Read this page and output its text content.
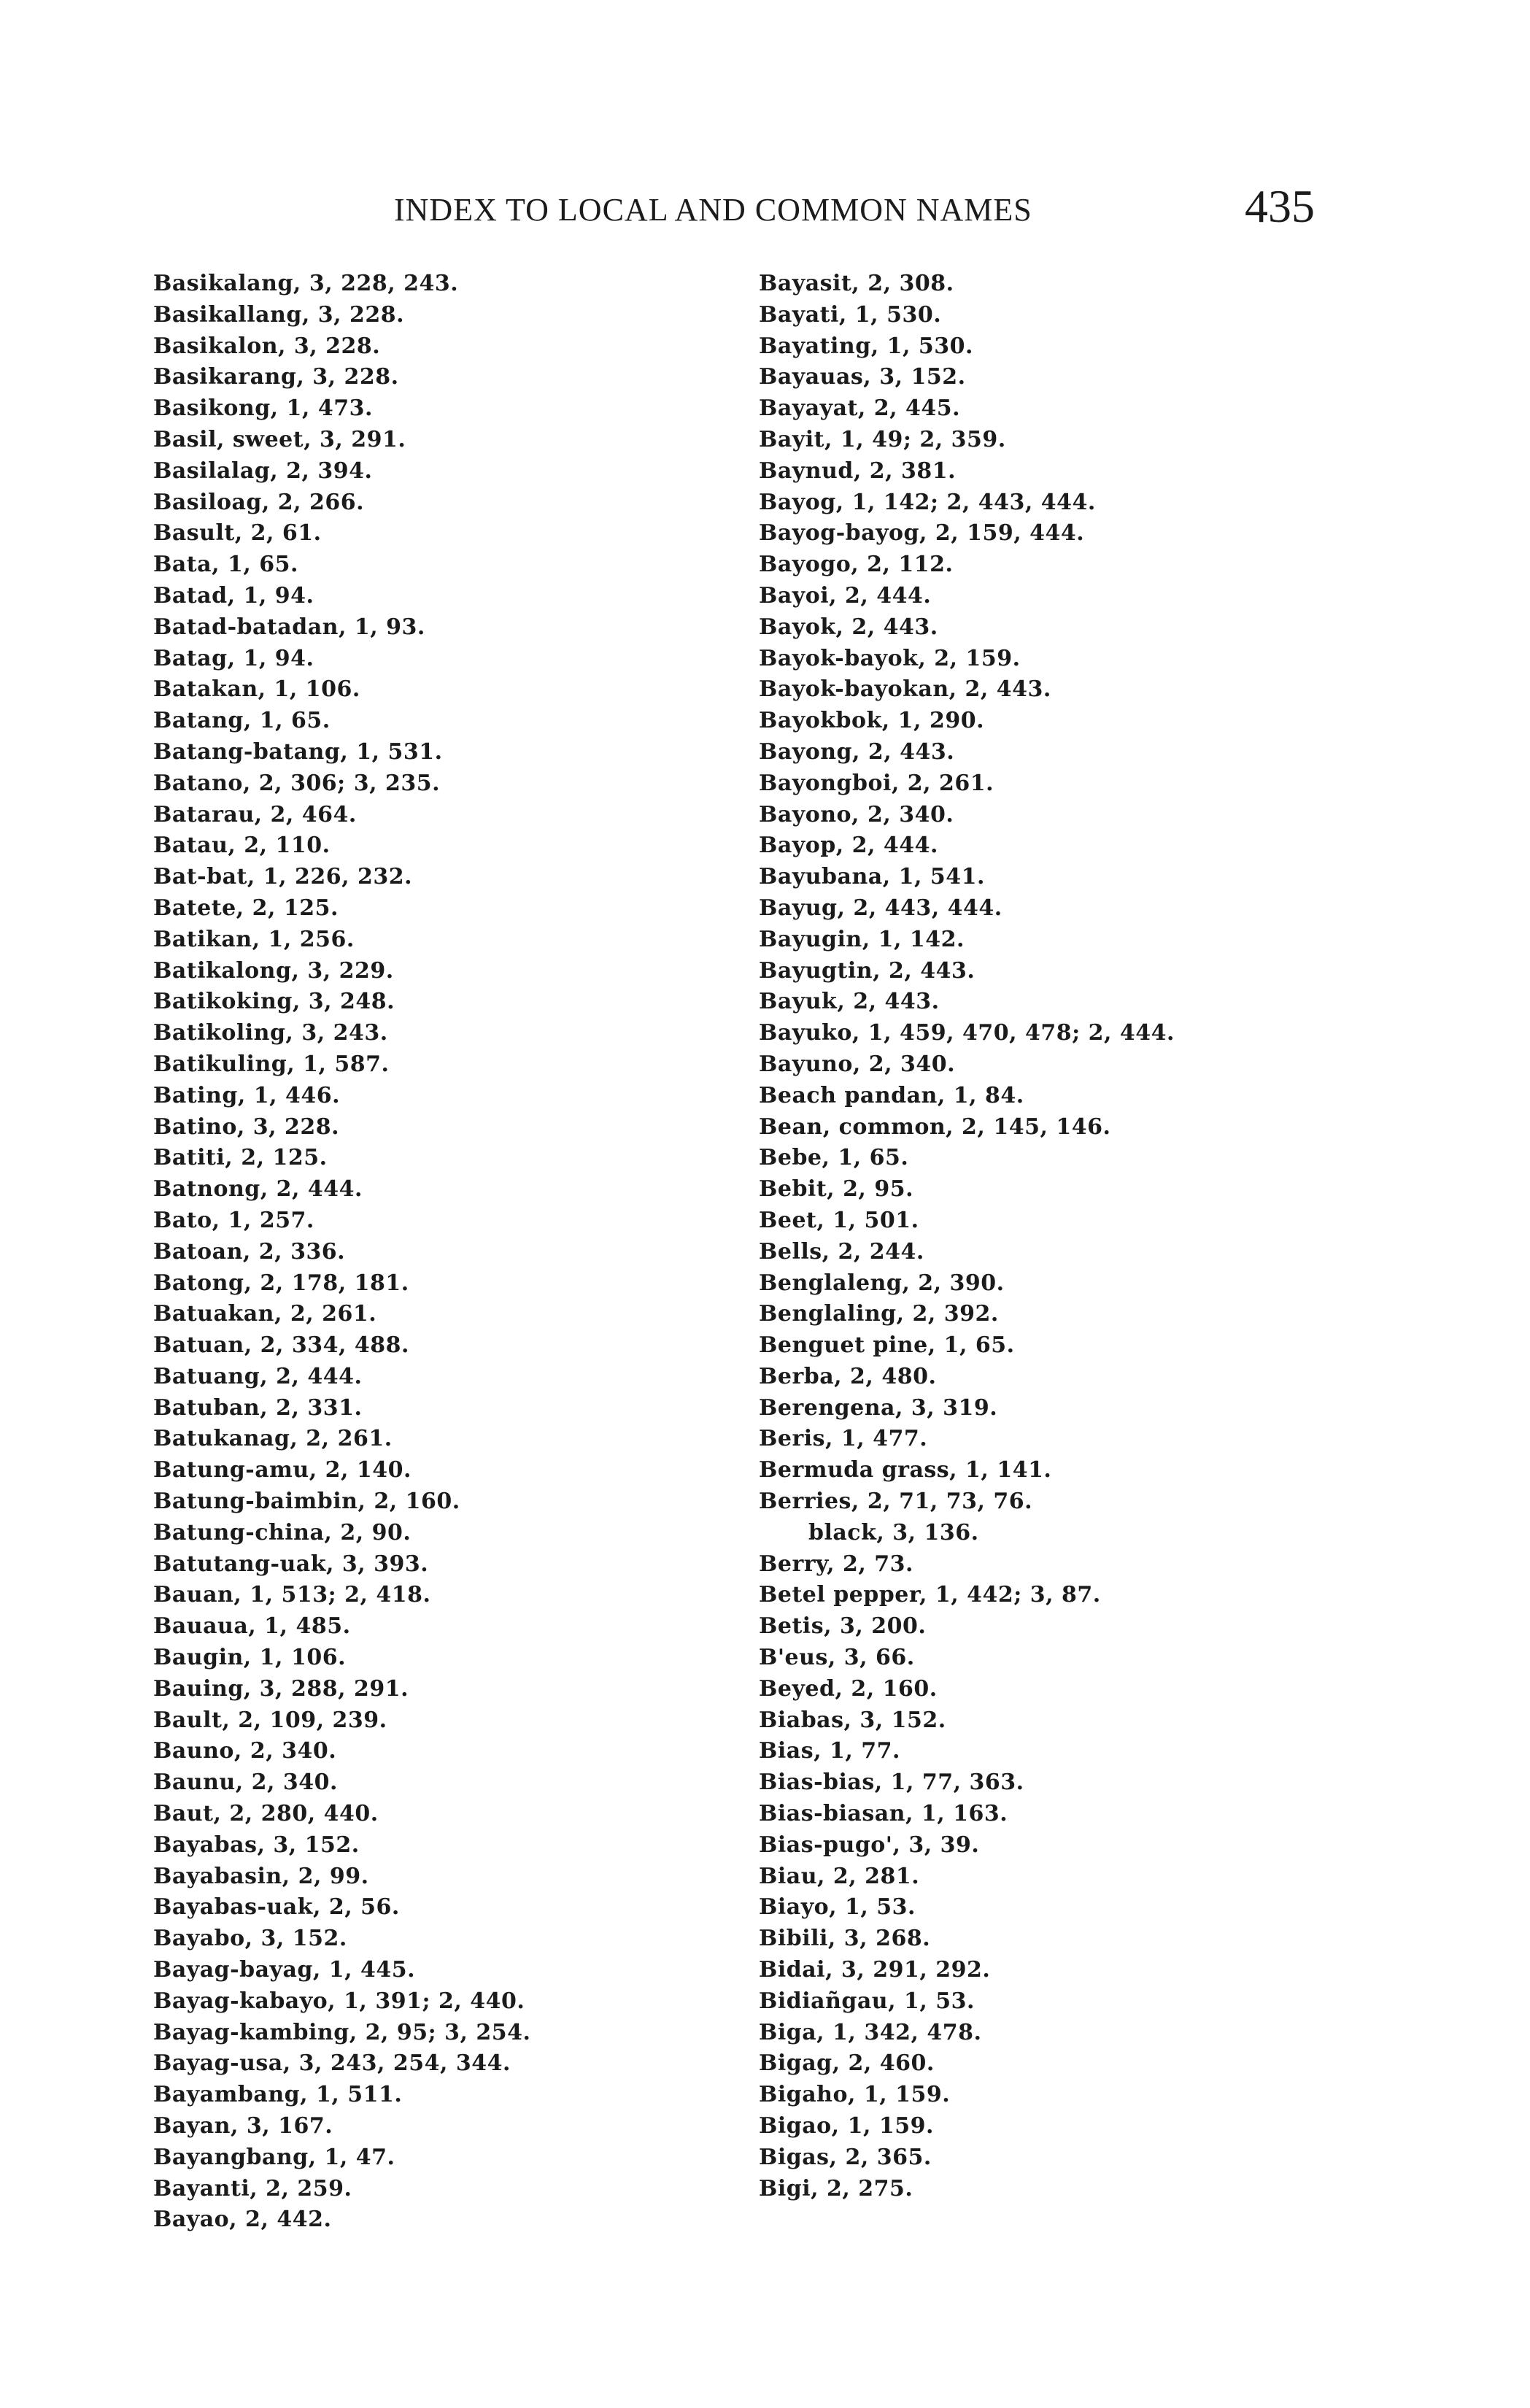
INDEX TO LOCAL AND COMMON NAMES	435
Basikalang, 3, 228, 243.
Basikallang, 3, 228.
Basikalon, 3, 228.
Basikarang, 3, 228.
Basikong, 1, 473.
Basil, sweet, 3, 291.
Basilalag, 2, 394.
Basiloag, 2, 266.
Basult, 2, 61.
Bata, 1, 65.
Batad, 1, 94.
Batad-batadan, 1, 93.
Batag, 1, 94.
Batakan, 1, 106.
Batang, 1, 65.
Batang-batang, 1, 531.
Batano, 2, 306; 3, 235.
Batarau, 2, 464.
Batau, 2, 110.
Bat-bat, 1, 226, 232.
Batete, 2, 125.
Batikan, 1, 256.
Batikalong, 3, 229.
Batikoking, 3, 248.
Batikoling, 3, 243.
Batikuling, 1, 587.
Bating, 1, 446.
Batino, 3, 228.
Batiti, 2, 125.
Batnong, 2, 444.
Bato, 1, 257.
Batoan, 2, 336.
Batong, 2, 178, 181.
Batuakan, 2, 261.
Batuan, 2, 334, 488.
Batuang, 2, 444.
Batuban, 2, 331.
Batukanag, 2, 261.
Batung-amu, 2, 140.
Batung-baimbin, 2, 160.
Batung-china, 2, 90.
Batutang-uak, 3, 393.
Bauan, 1, 513; 2, 418.
Bauaua, 1, 485.
Baugin, 1, 106.
Bauing, 3, 288, 291.
Bault, 2, 109, 239.
Bauno, 2, 340.
Baunu, 2, 340.
Baut, 2, 280, 440.
Bayabas, 3, 152.
Bayabasin, 2, 99.
Bayabas-uak, 2, 56.
Bayabo, 3, 152.
Bayag-bayag, 1, 445.
Bayag-kabayo, 1, 391; 2, 440.
Bayag-kambing, 2, 95; 3, 254.
Bayag-usa, 3, 243, 254, 344.
Bayambang, 1, 511.
Bayan, 3, 167.
Bayangbang, 1, 47.
Bayanti, 2, 259.
Bayao, 2, 442.
Bayasit, 2, 308.
Bayati, 1, 530.
Bayating, 1, 530.
Bayauas, 3, 152.
Bayayat, 2, 445.
Bayit, 1, 49; 2, 359.
Baynud, 2, 381.
Bayog, 1, 142; 2, 443, 444.
Bayog-bayog, 2, 159, 444.
Bayogo, 2, 112.
Bayoi, 2, 444.
Bayok, 2, 443.
Bayok-bayok, 2, 159.
Bayok-bayokan, 2, 443.
Bayokbok, 1, 290.
Bayong, 2, 443.
Bayongboi, 2, 261.
Bayono, 2, 340.
Bayop, 2, 444.
Bayubana, 1, 541.
Bayug, 2, 443, 444.
Bayugin, 1, 142.
Bayugtin, 2, 443.
Bayuk, 2, 443.
Bayuko, 1, 459, 470, 478; 2, 444.
Bayuno, 2, 340.
Beach pandan, 1, 84.
Bean, common, 2, 145, 146.
Bebe, 1, 65.
Bebit, 2, 95.
Beet, 1, 501.
Bells, 2, 244.
Benglaleng, 2, 390.
Benglaling, 2, 392.
Benguet pine, 1, 65.
Berba, 2, 480.
Berengena, 3, 319.
Beris, 1, 477.
Bermuda grass, 1, 141.
Berries, 2, 71, 73, 76.
black, 3, 136.
Berry, 2, 73.
Betel pepper, 1, 442; 3, 87.
Betis, 3, 200.
B'eus, 3, 66.
Beyed, 2, 160.
Biabas, 3, 152.
Bias, 1, 77.
Bias-bias, 1, 77, 363.
Bias-biasan, 1, 163.
Bias-pugo', 3, 39.
Biau, 2, 281.
Biayo, 1, 53.
Bibili, 3, 268.
Bidai, 3, 291, 292.
Bidiañgau, 1, 53.
Biga, 1, 342, 478.
Bigag, 2, 460.
Bigaho, 1, 159.
Bigao, 1, 159.
Bigas, 2, 365.
Bigi, 2, 275.
